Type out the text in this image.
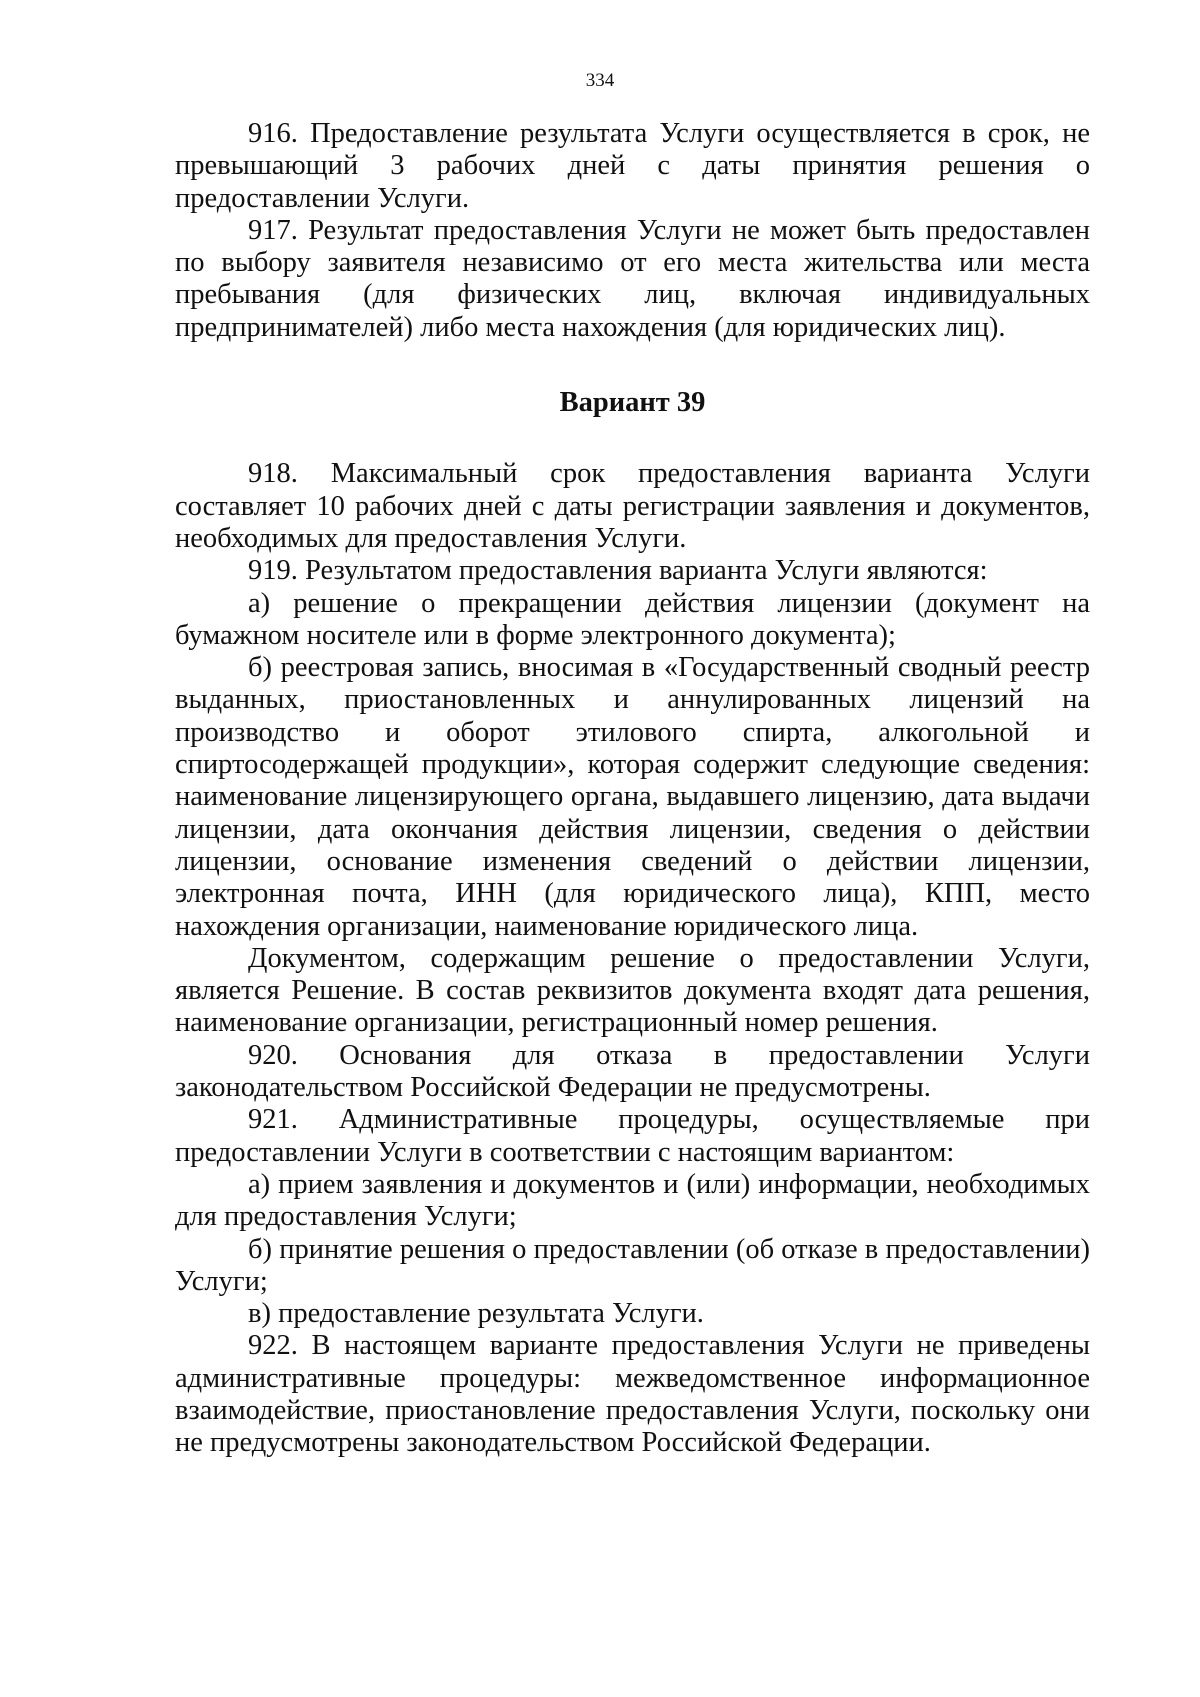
334

916. Предоставление результата Услуги осуществляется в срок, не превышающий 3 рабочих дней с даты принятия решения о предоставлении Услуги.

917. Результат предоставления Услуги не может быть предоставлен по выбору заявителя независимо от его места жительства или места пребывания (для физических лиц, включая индивидуальных предпринимателей) либо места нахождения (для юридических лиц).

Вариант 39

918. Максимальный срок предоставления варианта Услуги составляет 10 рабочих дней с даты регистрации заявления и документов, необходимых для предоставления Услуги.

919. Результатом предоставления варианта Услуги являются:

а) решение о прекращении действия лицензии (документ на бумажном носителе или в форме электронного документа);

б) реестровая запись, вносимая в «Государственный сводный реестр выданных, приостановленных и аннулированных лицензий на производство и оборот этилового спирта, алкогольной и спиртосодержащей продукции», которая содержит следующие сведения: наименование лицензирующего органа, выдавшего лицензию, дата выдачи лицензии, дата окончания действия лицензии, сведения о действии лицензии, основание изменения сведений о действии лицензии, электронная почта, ИНН (для юридического лица), КПП, место нахождения организации, наименование юридического лица.

Документом, содержащим решение о предоставлении Услуги, является Решение. В состав реквизитов документа входят дата решения, наименование организации, регистрационный номер решения.

920. Основания для отказа в предоставлении Услуги законодательством Российской Федерации не предусмотрены.

921. Административные процедуры, осуществляемые при предоставлении Услуги в соответствии с настоящим вариантом:

а) прием заявления и документов и (или) информации, необходимых для предоставления Услуги;

б) принятие решения о предоставлении (об отказе в предоставлении) Услуги;

в) предоставление результата Услуги.

922. В настоящем варианте предоставления Услуги не приведены административные процедуры: межведомственное информационное взаимодействие, приостановление предоставления Услуги, поскольку они не предусмотрены законодательством Российской Федерации.
